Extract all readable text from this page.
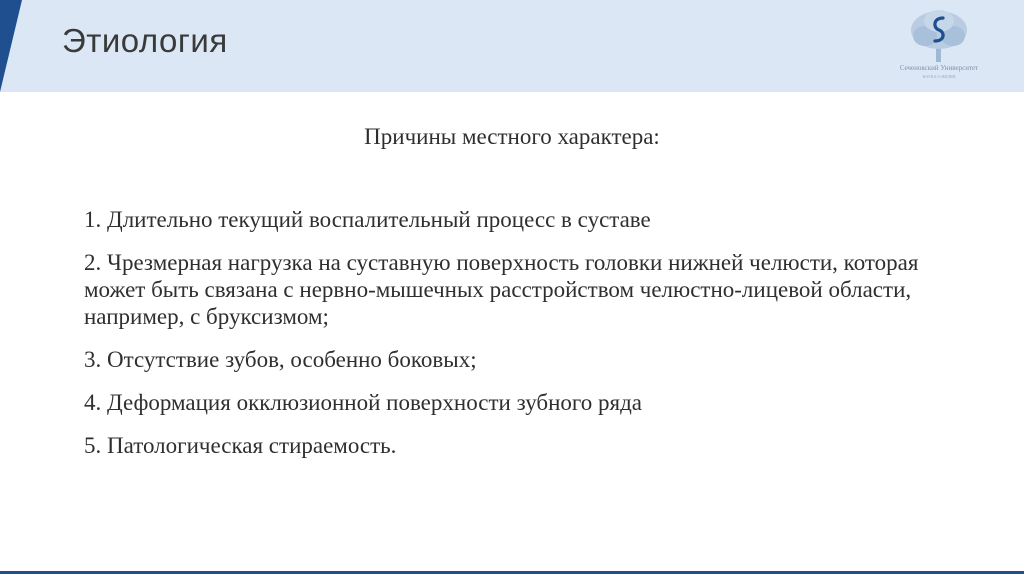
Этиология
Сеченовский Университет
НАУКА О ЖИЗНИ
Причины местного характера:
1. Длительно текущий воспалительный процесс в суставе
2. Чрезмерная нагрузка на суставную поверхность головки нижней челюсти, которая может быть связана с нервно-мышечных расстройством челюстно-лицевой области, например, с бруксизмом;
3. Отсутствие зубов, особенно боковых;
4. Деформация окклюзионной поверхности зубного ряда
5. Патологическая стираемость.
